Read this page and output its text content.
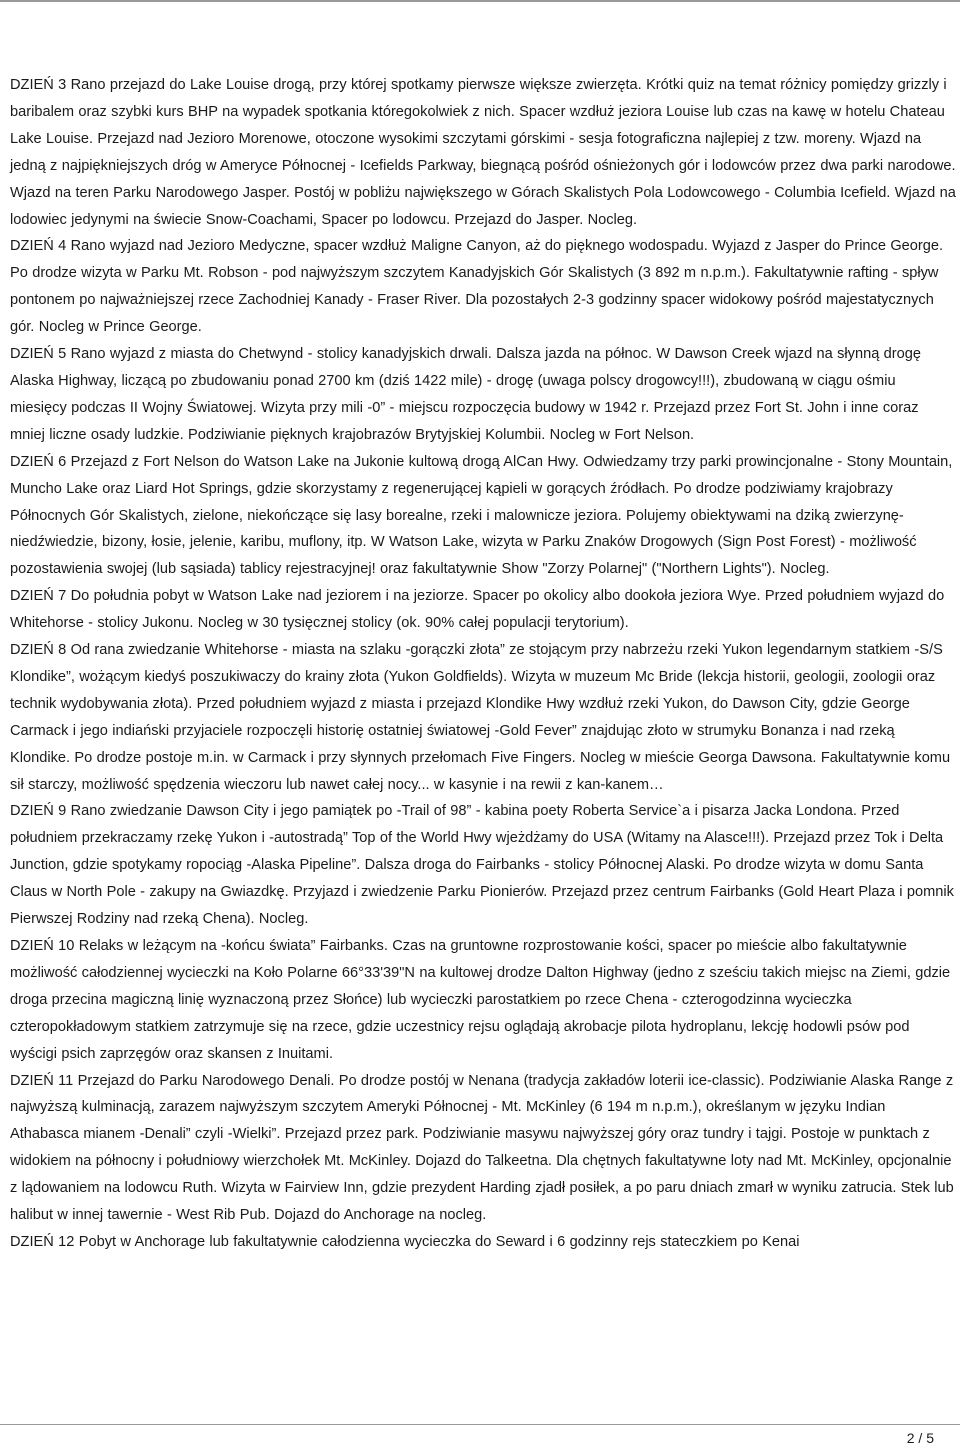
DZIEŃ 3 Rano przejazd do Lake Louise drogą, przy której spotkamy pierwsze większe zwierzęta. Krótki quiz na temat różnicy pomiędzy grizzly i baribalem oraz szybki kurs BHP na wypadek spotkania któregokolwiek z nich. Spacer wzdłuż jeziora Louise lub czas na kawę w hotelu Chateau Lake Louise. Przejazd nad Jezioro Morenowe, otoczone wysokimi szczytami górskimi - sesja fotograficzna najlepiej z tzw. moreny. Wjazd na jedną z najpiękniejszych dróg w Ameryce Północnej - Icefields Parkway, biegnącą pośród ośnieżonych gór i lodowców przez dwa parki narodowe. Wjazd na teren Parku Narodowego Jasper. Postój w pobliżu największego w Górach Skalistych Pola Lodowcowego - Columbia Icefield. Wjazd na lodowiec jedynymi na świecie Snow-Coachami, Spacer po lodowcu. Przejazd do Jasper. Nocleg.

DZIEŃ 4 Rano wyjazd nad Jezioro Medyczne, spacer wzdłuż Maligne Canyon, aż do pięknego wodospadu. Wyjazd z Jasper do Prince George. Po drodze wizyta w Parku Mt. Robson - pod najwyższym szczytem Kanadyjskich Gór Skalistych (3 892 m n.p.m.). Fakultatywnie rafting - spływ pontonem po najważniejszej rzece Zachodniej Kanady - Fraser River. Dla pozostałych 2-3 godzinny spacer widokowy pośród majestatycznych gór. Nocleg w Prince George.

DZIEŃ 5 Rano wyjazd z miasta do Chetwynd - stolicy kanadyjskich drwali. Dalsza jazda na północ. W Dawson Creek wjazd na słynną drogę Alaska Highway, liczącą po zbudowaniu ponad 2700 km (dziś 1422 mile) - drogę (uwaga polscy drogowcy!!!), zbudowaną w ciągu ośmiu miesięcy podczas II Wojny Światowej. Wizyta przy mili -0” - miejscu rozpoczęcia budowy w 1942 r. Przejazd przez Fort St. John i inne coraz mniej liczne osady ludzkie. Podziwianie pięknych krajobrazów Brytyjskiej Kolumbii. Nocleg w Fort Nelson.

DZIEŃ 6 Przejazd z Fort Nelson do Watson Lake na Jukonie kultową drogą AlCan Hwy. Odwiedzamy trzy parki prowincjonalne - Stony Mountain, Muncho Lake oraz Liard Hot Springs, gdzie skorzystamy z regenerującej kąpieli w gorących źródłach. Po drodze podziwiamy krajobrazy Północnych Gór Skalistych, zielone, niekończące się lasy borealne, rzeki i malownicze jeziora. Polujemy obiektywami na dziką zwierzynę- niedźwiedzie, bizony, łosie, jelenie, karibu, muflony, itp. W Watson Lake, wizyta w Parku Znaków Drogowych (Sign Post Forest) - możliwość pozostawienia swojej (lub sąsiada) tablicy rejestracyjnej! oraz fakultatywnie Show "Zorzy Polarnej" ("Northern Lights"). Nocleg.

DZIEŃ 7 Do południa pobyt w Watson Lake nad jeziorem i na jeziorze. Spacer po okolicy albo dookoła jeziora Wye. Przed południem wyjazd do Whitehorse - stolicy Jukonu. Nocleg w 30 tysięcznej stolicy (ok. 90% całej populacji terytorium).

DZIEŃ 8 Od rana zwiedzanie Whitehorse - miasta na szlaku -gorączki złota” ze stojącym przy nabrzeżu rzeki Yukon legendarnym statkiem -S/S Klondike”, wożącym kiedyś poszukiwaczy do krainy złota (Yukon Goldfields). Wizyta w muzeum Mc Bride (lekcja historii, geologii, zoologii oraz technik wydobywania złota). Przed południem wyjazd z miasta i przejazd Klondike Hwy wzdłuż rzeki Yukon, do Dawson City, gdzie George Carmack i jego indiański przyjaciele rozpoczęli historię ostatniej światowej -Gold Fever” znajdując złoto w strumyku Bonanza i nad rzeką Klondike. Po drodze postoje m.in. w Carmack i przy słynnych przełomach Five Fingers. Nocleg w mieście Georga Dawsona. Fakultatywnie komu sił starczy, możliwość spędzenia wieczoru lub nawet całej nocy... w kasynie i na rewii z kan-kanem…

DZIEŃ 9 Rano zwiedzanie Dawson City i jego pamiątek po -Trail of 98” - kabina poety Roberta Service`a i pisarza Jacka Londona. Przed południem przekraczamy rzekę Yukon i -autostradą” Top of the World Hwy wjeżdżamy do USA (Witamy na Alasce!!!). Przejazd przez Tok i Delta Junction, gdzie spotykamy ropociąg -Alaska Pipeline”. Dalsza droga do Fairbanks - stolicy Północnej Alaski. Po drodze wizyta w domu Santa Claus w North Pole - zakupy na Gwiazdkę. Przyjazd i zwiedzenie Parku Pionierów. Przejazd przez centrum Fairbanks (Gold Heart Plaza i pomnik Pierwszej Rodziny nad rzeką Chena). Nocleg.

DZIEŃ 10 Relaks w leżącym na -końcu świata” Fairbanks. Czas na gruntowne rozprostowanie kości, spacer po mieście albo fakultatywnie możliwość całodziennej wycieczki na Koło Polarne 66°33'39"N na kultowej drodze Dalton Highway (jedno z sześciu takich miejsc na Ziemi, gdzie droga przecina magiczną linię wyznaczoną przez Słońce) lub wycieczki parostatkiem po rzece Chena - czterogodzinna wycieczka czteropokładowym statkiem zatrzymuje się na rzece, gdzie uczestnicy rejsu oglądają akrobacje pilota hydroplanu, lekcję hodowli psów pod wyścigi psich zaprzęgów oraz skansen z Inuitami.

DZIEŃ 11 Przejazd do Parku Narodowego Denali. Po drodze postój w Nenana (tradycja zakładów loterii ice-classic). Podziwianie Alaska Range z najwyższą kulminacją, zarazem najwyższym szczytem Ameryki Północnej - Mt. McKinley (6 194 m n.p.m.), określanym w języku Indian Athabasca mianem -Denali” czyli -Wielki”. Przejazd przez park. Podziwianie masywu najwyższej góry oraz tundry i tajgi. Postoje w punktach z widokiem na północny i południowy wierzchołek Mt. McKinley. Dojazd do Talkeetna. Dla chętnych fakultatywne loty nad Mt. McKinley, opcjonalnie z lądowaniem na lodowcu Ruth. Wizyta w Fairview Inn, gdzie prezydent Harding zjadł posiłek, a po paru dniach zmarł w wyniku zatrucia. Stek lub halibut w innej tawernie - West Rib Pub. Dojazd do Anchorage na nocleg.

DZIEŃ 12 Pobyt w Anchorage lub fakultatywnie całodzienna wycieczka do Seward i 6 godzinny rejs stateczkiem po Kenai

2 / 5
